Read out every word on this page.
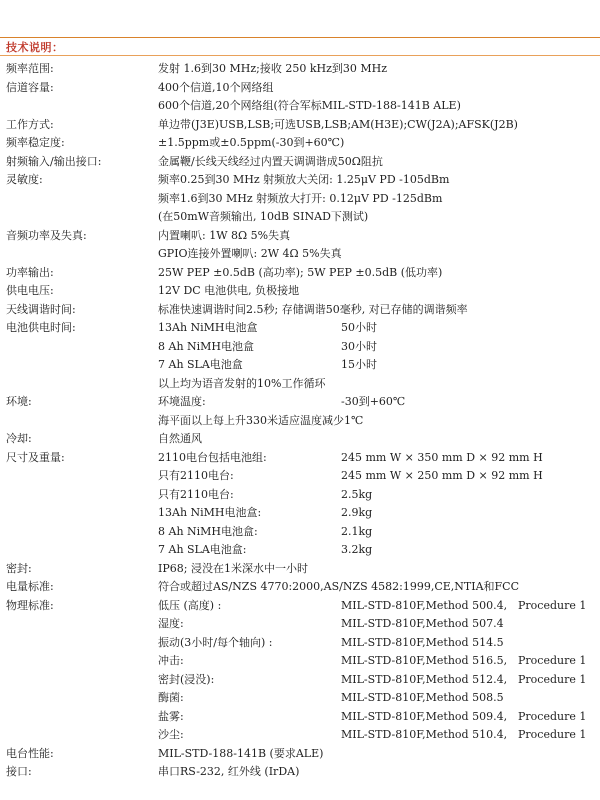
技术说明：
频率范围:	发射 1.6到30 MHz;接收 250 kHz到30 MHz
信道容量:	400个信道,10个网络组
600个信道,20个网络组(符合军标MIL-STD-188-141B ALE)
工作方式:	单边带(J3E)USB,LSB;可选USB,LSB;AM(H3E);CW(J2A);AFSK(J2B)
频率稳定度:	±1.5ppm或±0.5ppm(-30到+60℃)
射频输入/输出接口:	金属鞭/长线天线经过内置天调调谐成50Ω阻抗
灵敏度:	频率0.25到30 MHz 射频放大关闭: 1.25μV PD -105dBm
频率1.6到30 MHz 射频放大打开: 0.12μV PD -125dBm
(在50mW音频输出, 10dB SINAD下测试)
音频功率及失真:	内置喇叭: 1W 8Ω 5%失真
GPIO连接外置喇叭: 2W 4Ω 5%失真
功率输出:	25W PEP ±0.5dB (高功率); 5W PEP ±0.5dB (低功率)
供电电压:	12V DC 电池供电, 负极接地
天线调谐时间:	标准快速调谐时间2.5秒; 存储调谐50毫秒, 对已存储的调谐频率
电池供电时间:	13Ah NiMH电池盒	50小时
8 Ah NiMH电池盒	30小时
7 Ah SLA电池盒	15小时
以上均为语音发射的10%工作循环
环境:	环境温度:	-30到+60℃
海平面以上每上升330米适应温度减少1℃
冷却:	自然通风
尺寸及重量:	2110电台包括电池组:	245 mm W × 350 mm D × 92 mm H
只有2110电台:	245 mm W × 250 mm D × 92 mm H
只有2110电台:	2.5kg
13Ah NiMH电池盒:	2.9kg
8 Ah NiMH电池盒:	2.1kg
7 Ah SLA电池盒:	3.2kg
密封:	IP68; 浸没在1米深水中一小时
电量标准:	符合或超过AS/NZS 4770:2000,AS/NZS 4582:1999,CE,NTIA和FCC
物理标准:	低压 (高度) :	MIL-STD-810F,Method 500.4, Procedure 1
湿度:	MIL-STD-810F,Method 507.4
振动(3小时/每个轴向) :	MIL-STD-810F,Method 514.5
冲击:	MIL-STD-810F,Method 516.5, Procedure 1
密封(浸没):	MIL-STD-810F,Method 512.4, Procedure 1
酶菌:	MIL-STD-810F,Method 508.5
盐雾:	MIL-STD-810F,Method 509.4, Procedure 1
沙尘:	MIL-STD-810F,Method 510.4, Procedure 1
电台性能:	MIL-STD-188-141B (要求ALE)
接口:	串口RS-232, 红外线 (IrDA)
